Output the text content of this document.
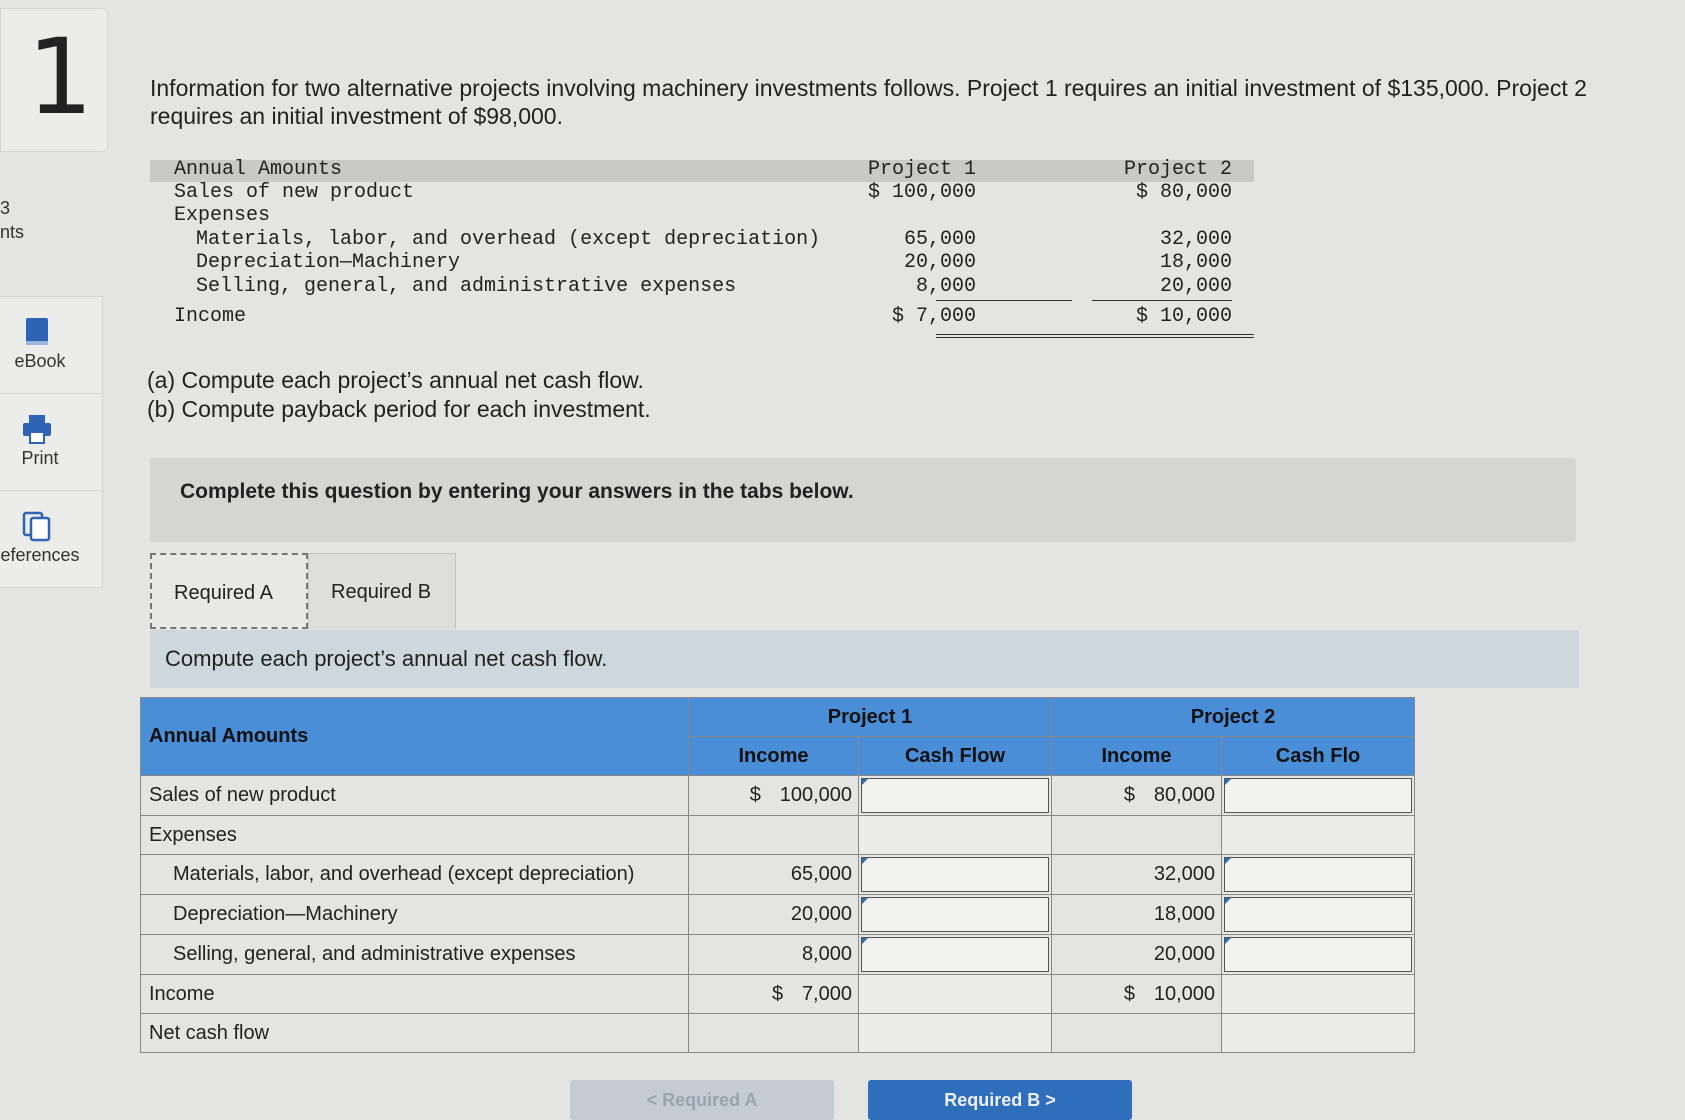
1
3
nts
eBook
Print
eferences
Information for two alternative projects involving machinery investments follows. Project 1 requires an initial investment of $135,000. Project 2 requires an initial investment of $98,000.
Annual Amounts	Project 1	Project 2
Sales of new product	$ 100,000	$ 80,000
Expenses
Materials, labor, and overhead (except depreciation)	65,000	32,000
Depreciation—Machinery	20,000	18,000
Selling, general, and administrative expenses	8,000	20,000
Income	$ 7,000	$ 10,000
(a) Compute each project’s annual net cash flow.
(b) Compute payback period for each investment.
Complete this question by entering your answers in the tabs below.
Required A	Required B
Compute each project’s annual net cash flow.
Annual Amounts	Project 1		Project 2	
	Income	Cash Flow	Income	Cash Flo
Sales of new product	$ 100,000		$ 80,000	

Expenses				
Materials, labor, and overhead (except depreciation)	65,000		32,000	

Depreciation—Machinery	20,000		18,000	

Selling, general, and administrative expenses	8,000		20,000	

Income	$ 7,000		$ 10,000	

Net cash flow				
< Required A	Required B >
